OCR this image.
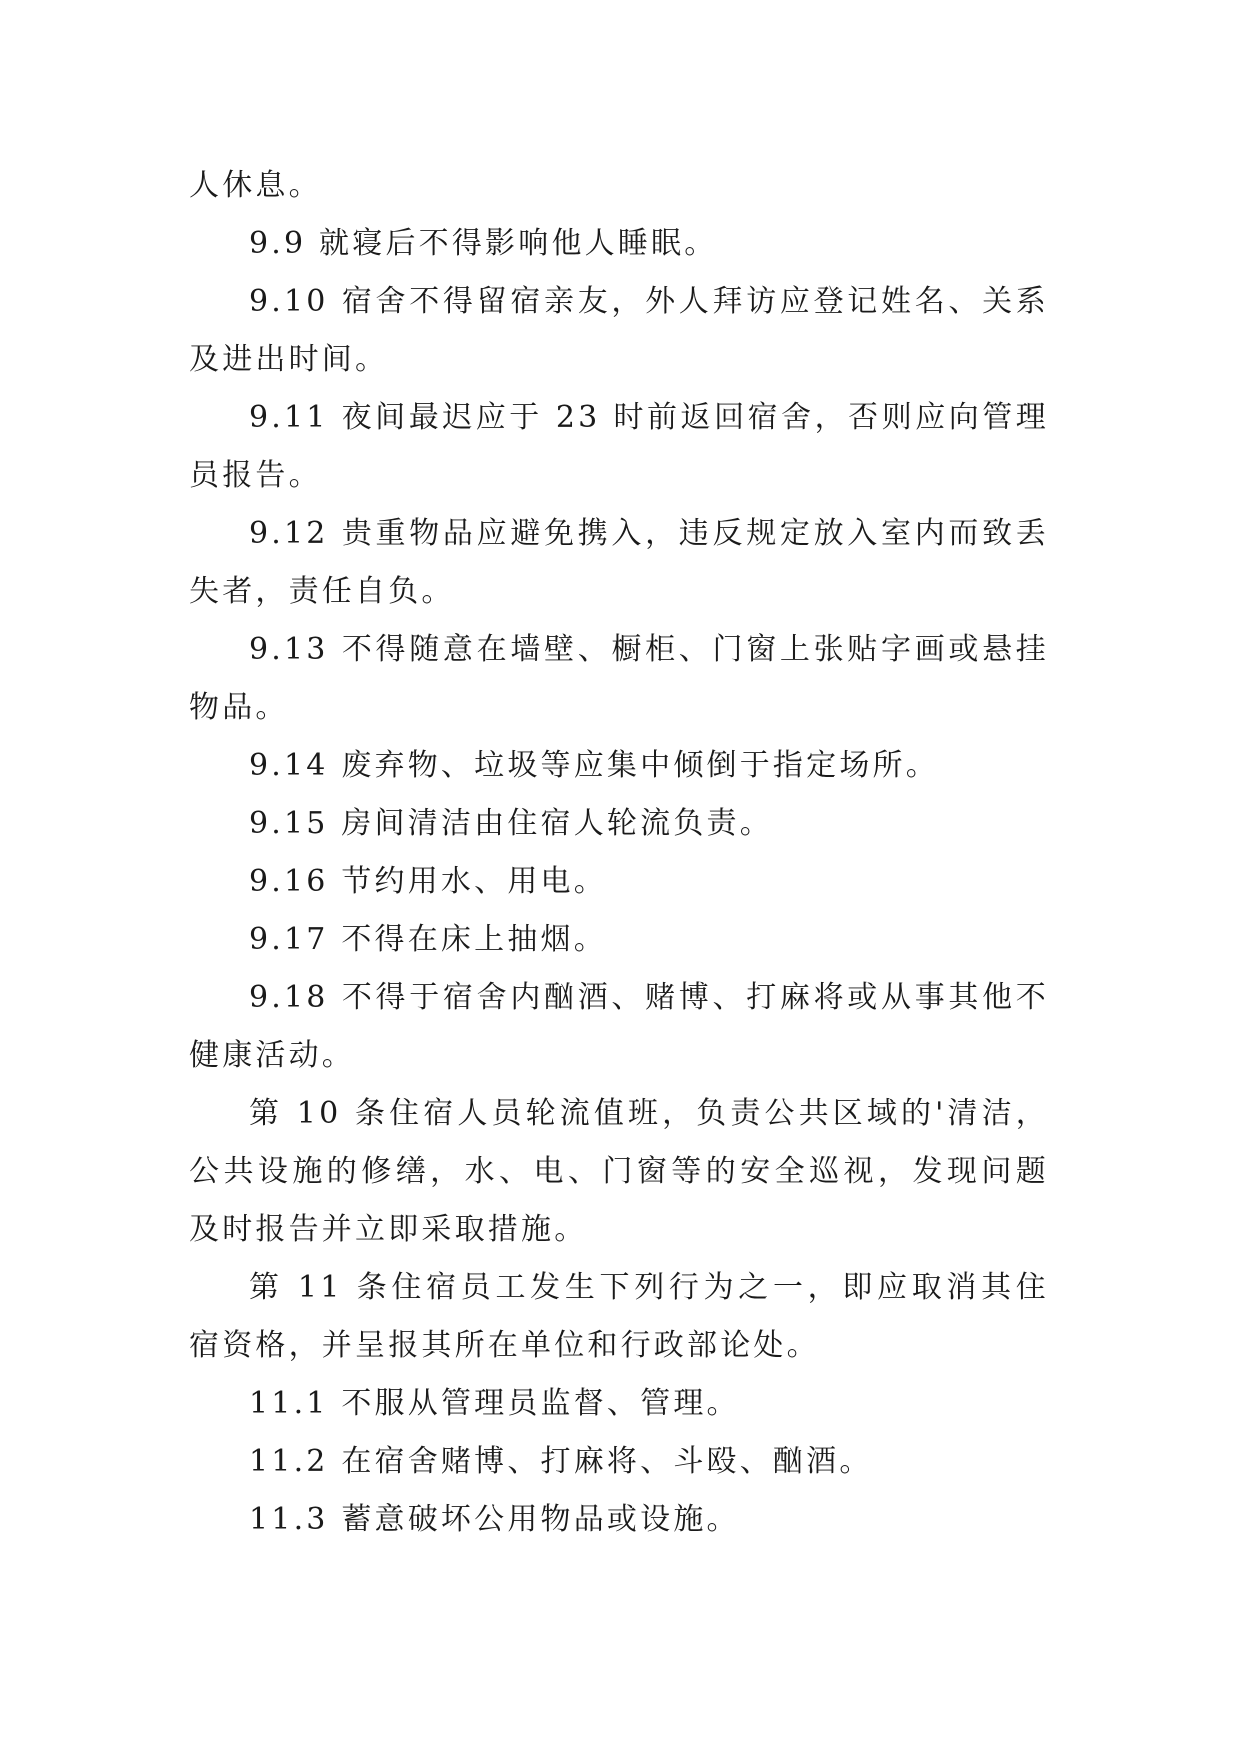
人休息。

9.9 就寝后不得影响他人睡眠。

9.10 宿舍不得留宿亲友，外人拜访应登记姓名、关系及进出时间。

9.11 夜间最迟应于 23 时前返回宿舍，否则应向管理员报告。

9.12 贵重物品应避免携入，违反规定放入室内而致丢失者，责任自负。

9.13 不得随意在墙壁、橱柜、门窗上张贴字画或悬挂物品。

9.14 废弃物、垃圾等应集中倾倒于指定场所。

9.15 房间清洁由住宿人轮流负责。

9.16 节约用水、用电。

9.17 不得在床上抽烟。

9.18 不得于宿舍内酗酒、赌博、打麻将或从事其他不健康活动。

第 10 条住宿人员轮流值班，负责公共区域的'清洁，公共设施的修缮，水、电、门窗等的安全巡视，发现问题及时报告并立即采取措施。

第 11 条住宿员工发生下列行为之一，即应取消其住宿资格，并呈报其所在单位和行政部论处。

11.1 不服从管理员监督、管理。

11.2 在宿舍赌博、打麻将、斗殴、酗酒。

11.3 蓄意破坏公用物品或设施。
